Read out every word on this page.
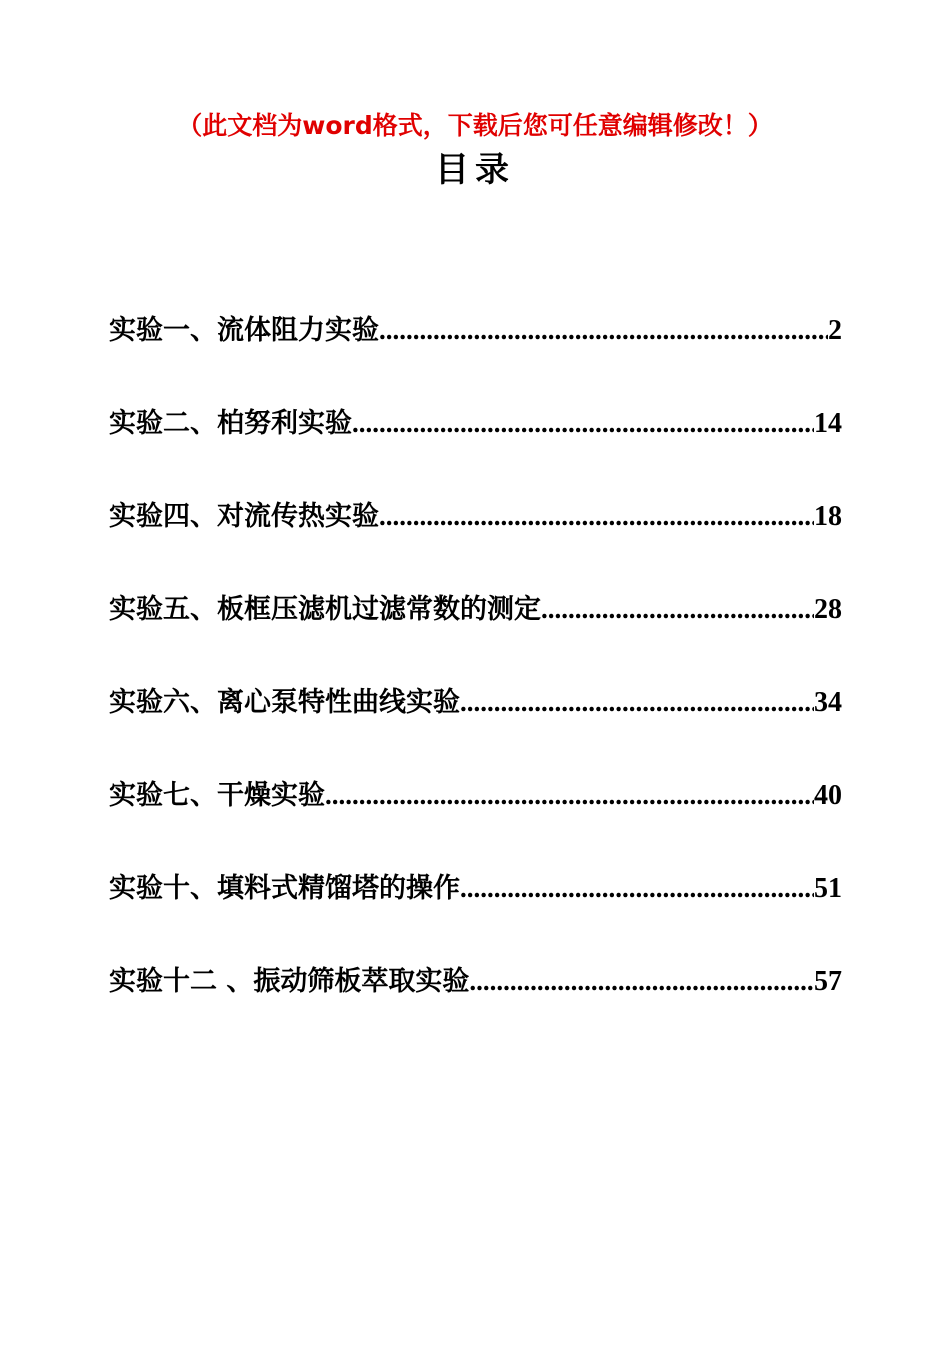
（此文档为word格式，下载后您可任意编辑修改！）
目录
实验一、流体阻力实验 .....	2
实验二、柏努利实验 .....	14
实验四、对流传热实验 .....	18
实验五、板框压滤机过滤常数的测定 .....	28
实验六、离心泵特性曲线实验 .....	34
实验七、干燥实验 .....	40
实验十、填料式精馏塔的操作 .....	51
实验十二 、振动筛板萃取实验 .....	57
